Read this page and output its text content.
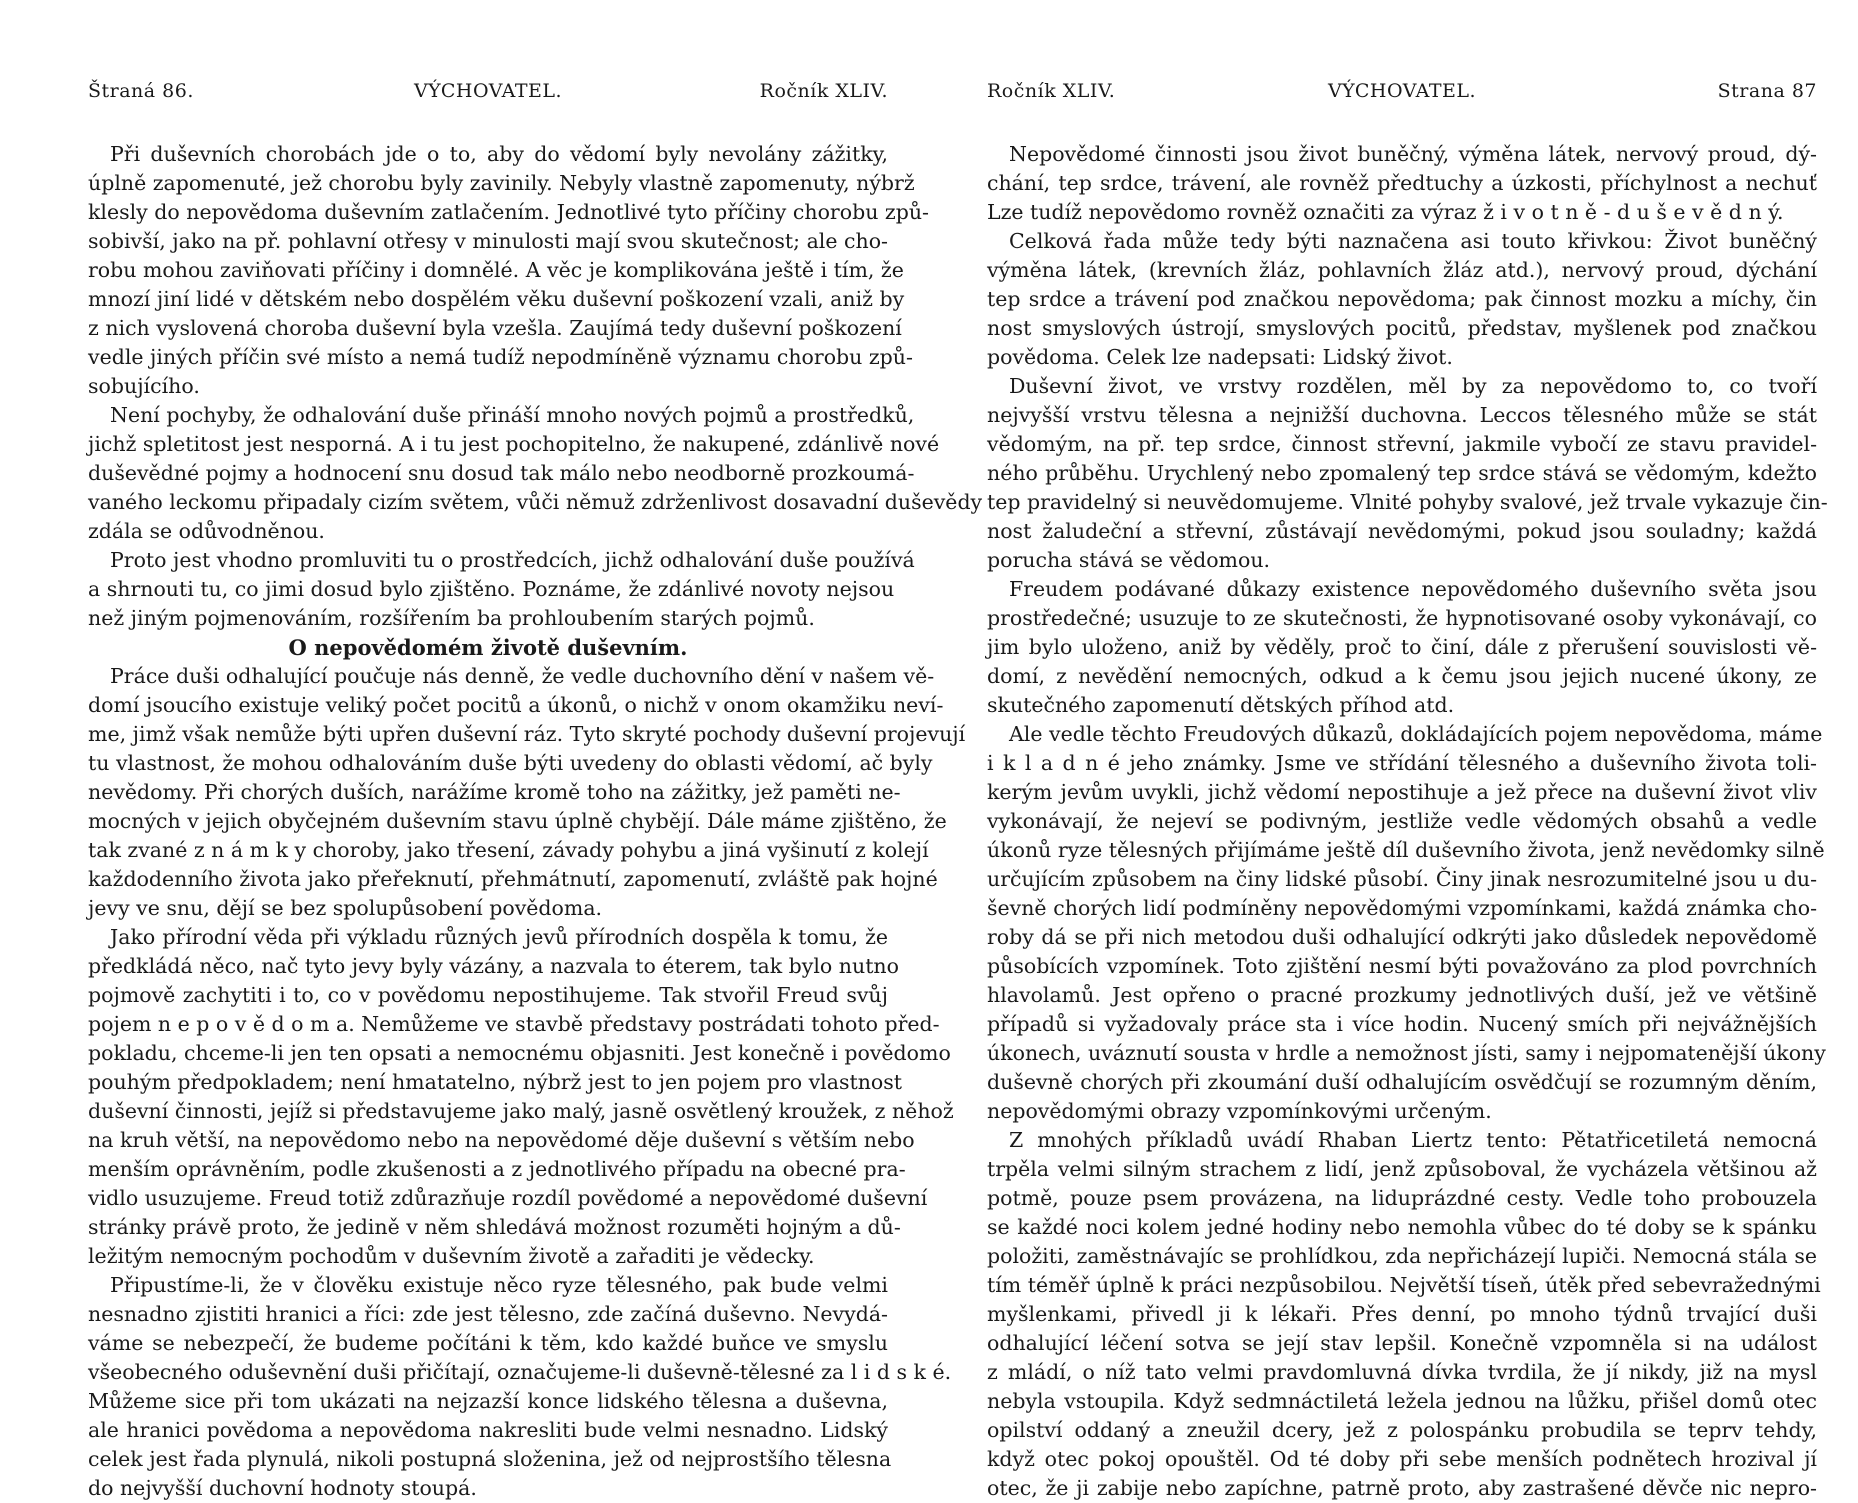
Štraná 86.	VÝCHOVATEL.	Ročník XLIV.
Při duševních chorobách jde o to, aby do vědomí byly nevolány zážitky,
úplně zapomenuté, jež chorobu byly zavinily. Nebyly vlastně zapomenuty, nýbrž
klesly do nepovědoma duševním zatlačením. Jednotlivé tyto příčiny chorobu způ-
sobivší, jako na př. pohlavní otřesy v minulosti mají svou skutečnost; ale cho-
robu mohou zaviňovati příčiny i domnělé. A věc je komplikována ještě i tím, že
mnozí jiní lidé v dětském nebo dospělém věku duševní poškození vzali, aniž by
z nich vyslovená choroba duševní byla vzešla. Zaujímá tedy duševní poškození
vedle jiných příčin své místo a nemá tudíž nepodmíněně významu chorobu způ-
sobujícího.
Není pochyby, že odhalování duše přináší mnoho nových pojmů a prostředků,
jichž spletitost jest nesporná. A i tu jest pochopitelno, že nakupené, zdánlivě nové
duševědné pojmy a hodnocení snu dosud tak málo nebo neodborně prozkoumá-
vaného leckomu připadaly cizím světem, vůči němuž zdrženlivost dosavadní duševědy
zdála se odůvodněnou.
Proto jest vhodno promluviti tu o prostředcích, jichž odhalování duše používá
a shrnouti tu, co jimi dosud bylo zjištěno. Poznáme, že zdánlivé novoty nejsou
než jiným pojmenováním, rozšířením ba prohloubením starých pojmů.
O nepovědomém životě duševním.
Práce duši odhalující poučuje nás denně, že vedle duchovního dění v našem vě-
domí jsoucího existuje veliký počet pocitů a úkonů, o nichž v onom okamžiku neví-
me, jimž však nemůže býti upřen duševní ráz. Tyto skryté pochody duševní projevují
tu vlastnost, že mohou odhalováním duše býti uvedeny do oblasti vědomí, ač byly
nevědomy. Při chorých duších, narážíme kromě toho na zážitky, jež paměti ne-
mocných v jejich obyčejném duševním stavu úplně chybějí. Dále máme zjištěno, že
tak zvané z n á m k y choroby, jako třesení, závady pohybu a jiná vyšinutí z kolejí
každodenního života jako přeřeknutí, přehmátnutí, zapomenutí, zvláště pak hojné
jevy ve snu, dějí se bez spolupůsobení povědoma.
Jako přírodní věda při výkladu různých jevů přírodních dospěla k tomu, že
předkládá něco, nač tyto jevy byly vázány, a nazvala to éterem, tak bylo nutno
pojmově zachytiti i to, co v povědomu nepostihujeme. Tak stvořil Freud svůj
pojem n e p o v ě d o m a. Nemůžeme ve stavbě představy postrádati tohoto před-
pokladu, chceme-li jen ten opsati a nemocnému objasniti. Jest konečně i povědomo
pouhým předpokladem; není hmatatelno, nýbrž jest to jen pojem pro vlastnost
duševní činnosti, jejíž si představujeme jako malý, jasně osvětlený kroužek, z něhož
na kruh větší, na nepovědomo nebo na nepovědomé děje duševní s větším nebo
menším oprávněním, podle zkušenosti a z jednotlivého případu na obecné pra-
vidlo usuzujeme. Freud totiž zdůrazňuje rozdíl povědomé a nepovědomé duševní
stránky právě proto, že jedině v něm shledává možnost rozuměti hojným a dů-
ležitým nemocným pochodům v duševním životě a zařaditi je vědecky.
Připustíme-li, že v člověku existuje něco ryze tělesného, pak bude velmi
nesnadno zjistiti hranici a říci: zde jest tělesno, zde začíná duševno. Nevydá-
váme se nebezpečí, že budeme počítáni k těm, kdo každé buňce ve smyslu
všeobecného oduševnění duši přičítají, označujeme-li duševně-tělesné za l i d s k é.
Můžeme sice při tom ukázati na nejzazší konce lidského tělesna a duševna,
ale hranici povědoma a nepovědoma nakresliti bude velmi nesnadno. Lidský
celek jest řada plynulá, nikoli postupná složenina, jež od nejprostšího tělesna
do nejvyšší duchovní hodnoty stoupá.
Ročník XLIV.	VÝCHOVATEL.	Strana 87
Nepovědomé činnosti jsou život buněčný, výměna látek, nervový proud, dý-
chání, tep srdce, trávení, ale rovněž předtuchy a úzkosti, příchylnost a nechuť
Lze tudíž nepovědomo rovněž označiti za výraz ž i v o t n ě - d u š e v ě d n ý.
Celková řada může tedy býti naznačena asi touto křivkou: Život buněčný
výměna látek, (krevních žláz, pohlavních žláz atd.), nervový proud, dýchání
tep srdce a trávení pod značkou nepovědoma; pak činnost mozku a míchy, čin
nost smyslových ústrojí, smyslových pocitů, představ, myšlenek pod značkou
povědoma. Celek lze nadepsati: Lidský život.
Duševní život, ve vrstvy rozdělen, měl by za nepovědomo to, co tvoří
nejvyšší vrstvu tělesna a nejnižší duchovna. Leccos tělesného může se stát
vědomým, na př. tep srdce, činnost střevní, jakmile vybočí ze stavu pravidel-
ného průběhu. Urychlený nebo zpomalený tep srdce stává se vědomým, kdežto
tep pravidelný si neuvědomujeme. Vlnité pohyby svalové, jež trvale vykazuje čin-
nost žaludeční a střevní, zůstávají nevědomými, pokud jsou souladny; každá
porucha stává se vědomou.
Freudem podávané důkazy existence nepovědomého duševního světa jsou
prostředečné; usuzuje to ze skutečnosti, že hypnotisované osoby vykonávají, co
jim bylo uloženo, aniž by věděly, proč to činí, dále z přerušení souvislosti vě-
domí, z nevědění nemocných, odkud a k čemu jsou jejich nucené úkony, ze
skutečného zapomenutí dětských příhod atd.
Ale vedle těchto Freudových důkazů, dokládajících pojem nepovědoma, máme
i k l a d n é jeho známky. Jsme ve střídání tělesného a duševního života toli-
kerým jevům uvykli, jichž vědomí nepostihuje a jež přece na duševní život vliv
vykonávají, že nejeví se podivným, jestliže vedle vědomých obsahů a vedle
úkonů ryze tělesných přijímáme ještě díl duševního života, jenž nevědomky silně
určujícím způsobem na činy lidské působí. Činy jinak nesrozumitelné jsou u du-
ševně chorých lidí podmíněny nepovědomými vzpomínkami, každá známka cho-
roby dá se při nich metodou duši odhalující odkrýti jako důsledek nepovědomě
působících vzpomínek. Toto zjištění nesmí býti považováno za plod povrchních
hlavolamů. Jest opřeno o pracné prozkumy jednotlivých duší, jež ve většině
případů si vyžadovaly práce sta i více hodin. Nucený smích při nejvážnějších
úkonech, uváznutí sousta v hrdle a nemožnost jísti, samy i nejpomatenější úkony
duševně chorých při zkoumání duší odhalujícím osvědčují se rozumným děním,
nepovědomými obrazy vzpomínkovými určeným.
Z mnohých příkladů uvádí Rhaban Liertz tento: Pětatřicetiletá nemocná
trpěla velmi silným strachem z lidí, jenž způsoboval, že vycházela většinou až
potmě, pouze psem provázena, na liduprázdné cesty. Vedle toho probouzela
se každé noci kolem jedné hodiny nebo nemohla vůbec do té doby se k spánku
položiti, zaměstnávajíc se prohlídkou, zda nepřicházejí lupiči. Nemocná stála se
tím téměř úplně k práci nezpůsobilou. Největší tíseň, útěk před sebevražednými
myšlenkami, přivedl ji k lékaři. Přes denní, po mnoho týdnů trvající duši
odhalující léčení sotva se její stav lepšil. Konečně vzpomněla si na událost
z mládí, o níž tato velmi pravdomluvná dívka tvrdila, že jí nikdy, již na mysl
nebyla vstoupila. Když sedmnáctiletá ležela jednou na lůžku, přišel domů otec
opilství oddaný a zneužil dcery, jež z polospánku probudila se teprv tehdy,
když otec pokoj opouštěl. Od té doby při sebe menších podnětech hrozival jí
otec, že ji zabije nebo zapíchne, patrně proto, aby zastrašené děvče nic nepro-
